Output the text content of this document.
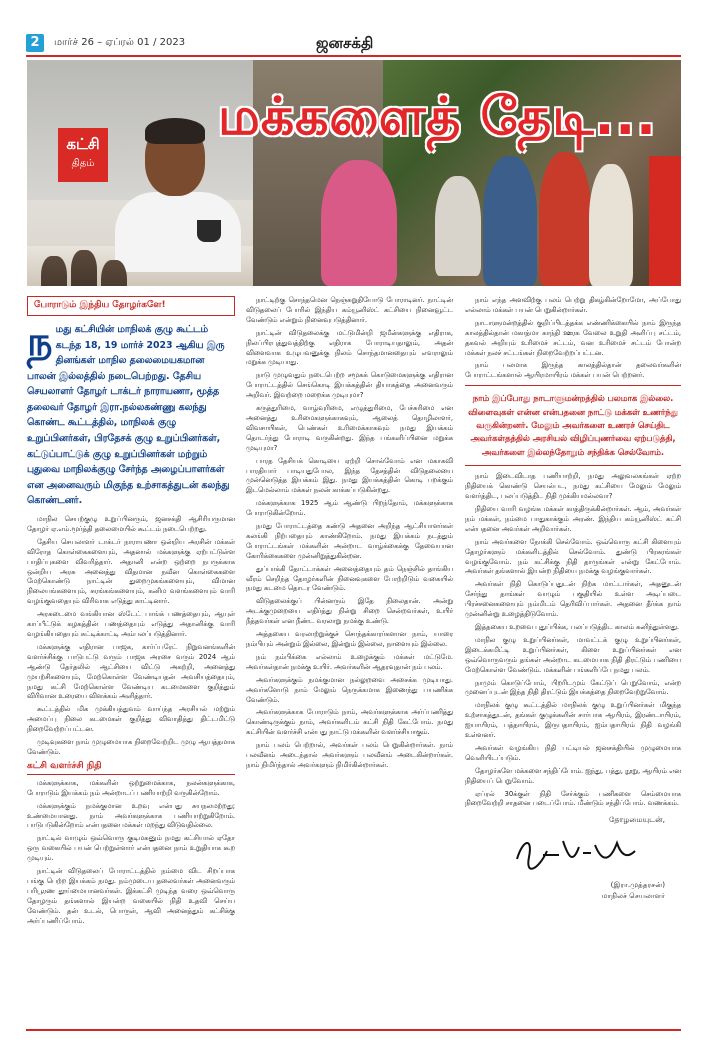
2	மார்ச் 26 – ஏப்ரல் 01 / 2023	ஜனசக்தி
கட்சி
திதம்
மக்களைத் தேடி...
போராடும் இந்திய தோழர்களே!
ந மது கட்சியின் மாநிலக் குழு கூட்டம் கடந்த 18, 19 மார்ச் 2023 ஆகிய இரு தினங்கள் மாநில தலைமையகமான பாலன் இல்லத்தில் நடைபெற்றது. தேசிய செயலாளர் தோழர் டாக்டர் நாராயணா, மூத்த தலைவர் தோழர் இரா.நல்லகண்ணு கலந்து கொண்ட கூட்டத்தில், மாநிலக் குழு உறுப்பினர்கள், பிரதேசக் குழு உறுப்பினர்கள், கட்டுப்பாட்டுக் குழு உறுப்பினர்கள் மற்றும் புதுவை மாநிலக்குழு சேர்ந்த அழைப்பாளர்கள் என அனைவரும் மிகுந்த உற்சாகத்துடன் கலந்து கொண்டனர்.

மாநில செயற்குழு உறுப்பினரும், ஜனசக்தி ஆசிரியருமான தோழர் ஏ.எம்.மூர்த்தி தலைமையில் கூட்டம் நடைபெற்றது.

தேசிய செயலாளர் டாக்டர் நாராயணா ஒன்றிய அரசின் மக்கள் விரோத கொள்கைகளையும், அதனால் மக்களுக்கு ஏற்பட்டுள்ள பாதிப்புகளை விவரித்தார். அதானி என்ற ஒற்றை நபருக்காக ஒன்றிய அரசு அனைத்து விதமான நவீன கொள்கைகளை மேற்கொண்டு நாட்டின் துறைமுகங்களையும், விமான நிலையங்களையும், சுரங்கங்களையும், கனிம வளங்களையும் வாரி வழங்குவதையும் விரிவாக எடுத்து காட்டினார்.

அரசுடைமை வங்கியான ஸ்டேட் பாங்க் பணத்தையும், ஆயுள் காப்பீட்டுக் கழகத்தின் பணத்தையும் எடுத்து அதானிக்கு வாரி வழங்கியதையும் சுட்டிக்காட்டி அம்பலப்படுத்தினார்.

மக்களுக்கு எதிரான பாஜக, கார்ப்பரேட் நிறுவனங்களின் வளர்ச்சிக்கு பாடுபட்டு வரும் பாஜக அரசை வரும் 2024 ஆம் ஆண்டு தேர்தலில் ஆட்சியை விட்டு அகற்றி, அனைத்து முயற்சிகளையும், மேற்கொள்ள வேண்டியதன் அவசியத்தையும், நமது கட்சி மேற்கொள்ள வேண்டிய கடமைகளை குறித்தும் விரிவான உரையை விளக்கம் அளித்தார்.

கூட்டத்தில் மிக முக்கியத்துவம் வாய்ந்த அரசியல் மற்றும் அமைப்பு நிலை கடமைகள் குறித்து விவாதித்து திட்டமிட்டு நிறைவேற்றப்பட்டன.

முடிவுகளை நாம் முழுமையாக நிறைவேற்றிட முழு ஆயத்தமாக வேண்டும்.

கட்சி வளர்ச்சி நிதி

மக்களுக்காக, மக்களின் ஒற்றுமைக்காக, நலன்களுக்காக, போராடும் இயக்கம் நம் அன்றாடப் பணியாற்றி வருகின்றோம்.

மக்களுக்கும் நமக்குமான உறவு என்பது சுயநலமற்றது; உண்மையானது. நாம் அவர்களுக்காக பணியாற்றுகிறோம். பாடுபடுகின்றோம் என்பதனை மக்கள் மறந்து விடுவதில்லை.

நாட்டில் வாழும் ஒவ்வொரு குடிமகனும் நமது கட்சியால் ஏதோ ஒரு வகையில் பயன் பெற்றுள்ளார் என்பதனை நாம் உறுதியாக கூற முடியும்.

நாட்டின் விடுதலைப் போராட்டத்தில் நம்மை விட சிறப்பாக பங்கு பெற்ற இயக்கம் நமது. நம்முடைய தலைவர்கள் அனைவரும் பரிபூரண தூய்மையானவர்கள். இக்கட்சி முடிந்த வரை ஒவ்வொரு தோழரும் தங்களால் இயன்ற வகையில் நிதி உதவி செய்ய வேண்டும். தன் உடல், பொருள், ஆவி அனைத்தும் கட்சிக்கு அர்ப்பணிப்போம்.

நாட்டிற்கு சொந்தமென நெஞ்சுறுதியோடு போராடினர். நாட்டின் விடுதலைப் போரில் இந்திய கம்யூனிஸ்ட் கட்சியை நினைவூட்ட வேண்டும் என்றும் நினைவுபடுத்தினார்.

நாட்டின் விடுதலைக்கு மட்டுமின்றி ஜமீன்களுக்கு எதிராக, நிலப்பிரபுத்துவத்திற்கு எதிராக போராடியதாலும், அதன் விளைவாக உழுபவனுக்கு நிலம் சொந்தமானதையும் எவராலும் மறுக்க முடியாது.

நாடு முழுவதும் நடைபெற்ற சமூகக் கொடுமைகளுக்கு எதிரான போராட்டத்தில் செங்கொடி இயக்கத்தின் தியாகத்தை அனைவரும் அறிவர். இவற்றை மறைக்க முடியுமா?

கருத்துரிமை, வாழ்வுரிமை, எழுத்துரிமை, பேச்சுரிமை என அனைத்து உரிமைகளுக்காகவும், ஆலைத் தொழிலாளர், விவசாயிகள், பெண்கள் உரிமைக்காகவும் நமது இயக்கம் தொடர்ந்து போராடி வருகின்றது. இந்த பங்களிப்பினை மறுக்க முடியுமா?

பாரத தேசியக் கொடியை ஏற்றி சொல்வோம் என மகாகவி பாரதியார் பாடியதுபோல, இந்த தேசத்தின் விடுதலையை முன்னெடுத்த இயக்கம் இது. நமது இயக்கத்தின் கொடி பறக்கும் இடமெல்லாம் மக்கள் நலன் காக்கப்படுகின்றது.

மக்களுக்காக 1925 ஆம் ஆண்டு பிறந்தோம், மக்களுக்காக போராடுகின்றோம்.

நமது போராட்டத்தை கண்டு அதனை அறிந்த ஆட்சியாளர்கள் கலங்கி நிற்பதையும் காண்கிறோம். நமது இயக்கம் நடத்தும் போராட்டங்கள் மக்களின் அன்றாட வாழ்க்கைக்கு தேவையான கோரிக்கைகளை முன்னிறுத்துகின்றன.

துப்பாக்கி தோட்டாக்கள் அனைத்தையும் தம் நெஞ்சில் தாங்கிய வீரம் செறிந்த தோழர்களின் நினைவுகளை போற்றிடும் வகையில் நமது கடமை தொடர வேண்டும்.

விடுதலைக்குப் பின்னரும் இதே நிலைதான். அன்று அடக்குமுறையை எதிர்த்து நின்று சிறை சென்றவர்கள், உயிர் நீத்தவர்கள் என நீண்ட வரலாறு நமக்கு உண்டு.

அத்தகைய வரலாற்றுக்குச் சொந்தக்காரர்களான நாம், யாரை நம்பியும் அன்றும் இல்லை, இன்றும் இல்லை, நாளையும் இல்லை.

நம் நம்பிக்கை எல்லாம் உழைக்கும் மக்கள் மட்டுமே. அவர்கள்தான் நமக்கு உயிர். அவர்களின் ஆதரவுதான் நம் பலம்.

அவர்களுக்கும் நமக்குமான நல்லுறவை அசைக்க முடியாது. அவர்களோடு நாம் மேலும் நெருக்கமாக இணைந்து பயணிக்க வேண்டும்.

அவர்களுக்காக போராடும் நாம், அவர்களுக்காக அர்ப்பணித்து கொண்டிருக்கும் நாம், அவர்களிடம் கட்சி நிதி கேட்போம். நமது கட்சியின் வளர்ச்சி என்பது நாட்டு மக்களின் வளர்ச்சியாகும்.

நாம் பலம் பெற்றால், அவர்கள் பலம் பெறுகின்றார்கள். நாம் பலவீனம் அடைந்தால் அவர்களும் பலவீனம் அடைகின்றார்கள். நாம் நிமிர்ந்தால் அவர்களும் நிமிர்கின்றார்கள்.

நாம் எந்த அளவிற்கு பலம் பெற்று திகழ்கின்றோமோ, அப்போது எல்லாம் மக்கள் பயன் பெறுகின்றார்கள்.

நாடாளுமன்றத்தில் குறிப்பிடத்தக்க எண்ணிக்கையில் நாம் இருந்த காலத்தில்தான் மகாத்மா காந்தி ஊரக வேலை உறுதி அளிப்பு சட்டம், தகவல் அறியும் உரிமைச் சட்டம், வன உரிமைச் சட்டம் போன்ற மக்கள் நலச் சட்டங்கள் நிறைவேற்றப்பட்டன.

நாம் பலமாக இருந்த காலத்தில்தான் தலைவர்களின் போராட்டங்களால் ஆயிரமாயிரம் மக்கள் பயன் பெற்றனர்.

நாம் இப்போது நாடாளுமன்றத்தில் பலமாக இல்லை. விளைவுகள் என்ன என்பதனை நாட்டு மக்கள் உணர்ந்து வருகின்றனர். மேலும் அவர்களை உணரச் செய்திட அவர்கள்தத்தில் அரசியல் விழிப்புணர்வை ஏற்படுத்தி, அவர்களை இல்லந்தோறும் சந்திக்க செல்வோம்.

நாம் இடைவிடாத பணியாற்றி, நமது அலுவலகங்கள் ஏற்ற நிதியைக் கொண்டு செயல்பட, நமது கட்சியை மேலும் மேலும் வளர்த்திட, பலப்படுத்திட நிதி முக்கியமல்லவா?

நிதியை வாரி வழங்க மக்கள் காத்திருக்கின்றார்கள். ஆம், அவர்கள் நம் மக்கள், நம்மை பாதுகாக்கும் அரண். இந்திய கம்யூனிஸ்ட் கட்சி என்பதனை அவர்கள் அறிவார்கள்.

நாம் அவர்களை நோக்கி செல்வோம். ஒவ்வொரு கட்சி கிளையும் தோழர்களும் மக்களிடத்தில் செல்வோம். துண்டு பிரசுரங்கள் வழங்குவோம். நம் கட்சிக்கு நிதி தாருங்கள் என்று கேட்போம். அவர்கள் தங்களால் இயன்ற நிதியை நமக்கு வழங்குவார்கள்.

அவர்கள் நிதி கொடுப்பதுடன் நிற்க மாட்டார்கள், அதனுடன் சேர்ந்து தாங்கள் வாழும் பகுதியில் உள்ள அடிப்படை பிரச்சனைகளையும் நம்மிடம் தெரிவிப்பார்கள். அதனை தீர்க்க நாம் முன்னின்று உழைத்திடுவோம்.

இத்தகைய உறவை புதுப்பிக்க, பலப்படுத்திட காலம் கனிந்துள்ளது.

மாநில குழு உறுப்பினர்கள், மாவட்டக் குழு உறுப்பினர்கள், இடைக்கமிட்டி உறுப்பினர்கள், கிளை உறுப்பினர்கள் என ஒவ்வொருவரும் தங்கள் அன்றாட கடமையாக நிதி திரட்டும் பணியை மேற்கொள்ள வேண்டும். மக்களின் பங்களிப்பே நமது பலம்.

நாமும் கொடுப்போம், பிறரிடமும் கேட்டுப் பெறுவோம், என்ற முனைப்புடன் இந்த நிதி திரட்டும் இயக்கத்தை நிறைவேற்றுவோம்.

மாநிலக் குழு கூட்டத்தில் மாநிலக் குழு உறுப்பினர்கள் மிகுந்த உற்சாகத்துடன், தங்கள் குழுக்களின் சார்பாக ஆயிரம், இரண்டாயிரம், ஐயாயிரம், பத்தாயிரம், இருபதாயிரம், ஐம்பதாயிரம் நிதி வழங்கி உள்ளனர்.

அவர்கள் வழங்கிய நிதி பட்டியல் ஜனசக்தியில் முழுமையாக வெளியிடப்படும்.

தோழர்களே மக்களை சந்திப்போம். ஐந்து, பத்து, நூறு, ஆயிரம் என நிதியைப் பெறுவோம்.

ஏப்ரல் 30க்குள் நிதி சேர்க்கும் பணிகளை செம்மையாக நிறைவேற்றி சாதனை படைப்போம். மீண்டும் சந்திப்போம். வணக்கம்.

தோழமையுடன்,
(இரா.முத்தரசன்)
மாநிலச் செயலாளர்
